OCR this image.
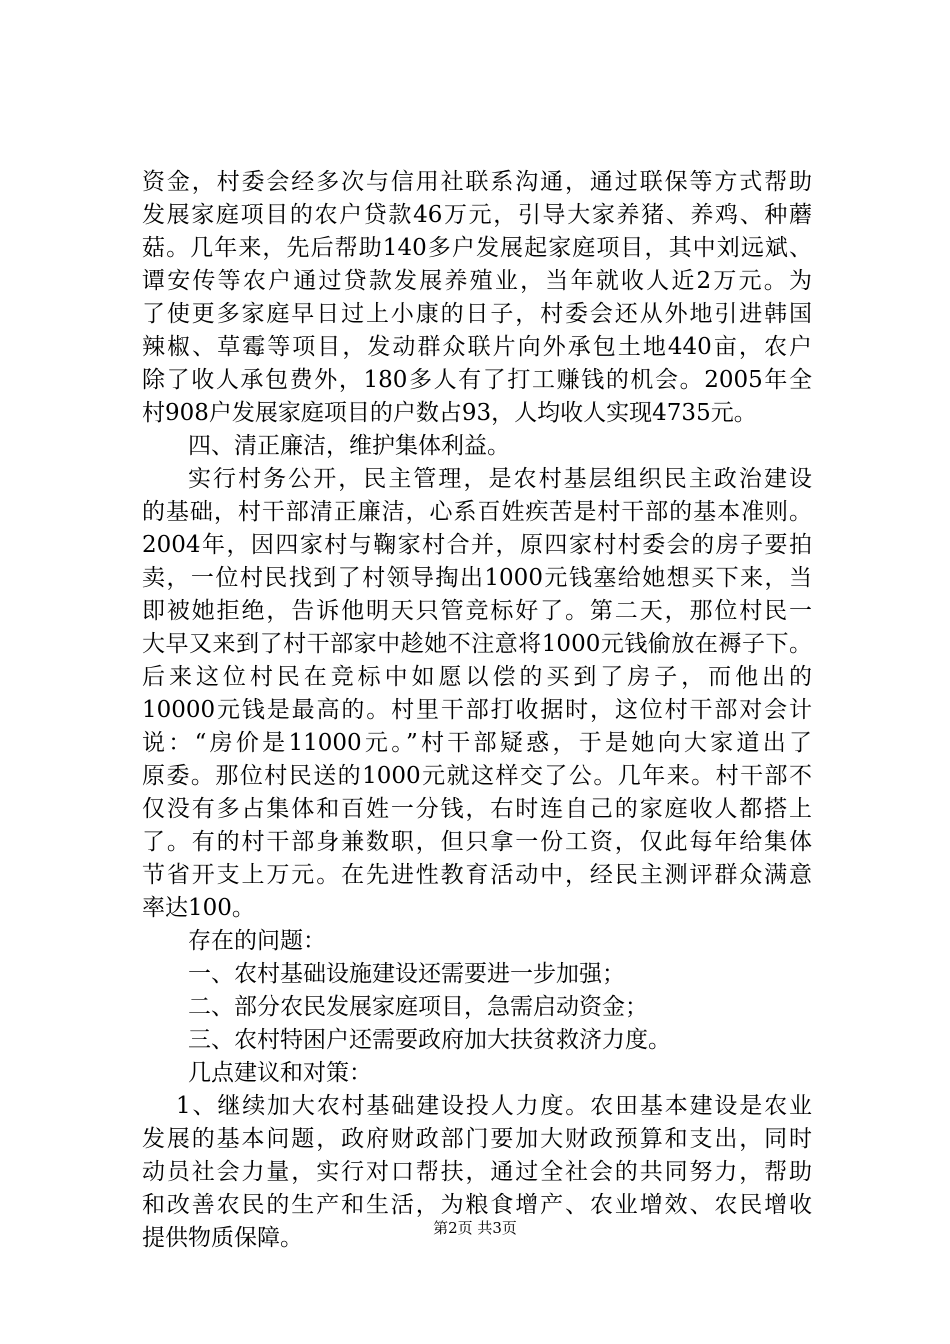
资金，村委会经多次与信用社联系沟通，通过联保等方式帮助
发展家庭项目的农户贷款46万元，引导大家养猪、养鸡、种蘑
菇。几年来，先后帮助140多户发展起家庭项目，其中刘远斌、
谭安传等农户通过贷款发展养殖业，当年就收人近2万元。为
了使更多家庭早日过上小康的日子，村委会还从外地引进韩国
辣椒、草霉等项目，发动群众联片向外承包土地440亩，农户
除了收人承包费外，180多人有了打工赚钱的机会。2005年全
村908户发展家庭项目的户数占93，人均收人实现4735元。
四、清正廉洁，维护集体利益。
实行村务公开，民主管理，是农村基层组织民主政治建设
的基础，村干部清正廉洁，心系百姓疾苦是村干部的基本准则。
2004年，因四家村与鞠家村合并，原四家村村委会的房子要拍
卖，一位村民找到了村领导掏出1000元钱塞给她想买下来，当
即被她拒绝，告诉他明天只管竞标好了。第二天，那位村民一
大早又来到了村干部家中趁她不注意将1000元钱偷放在褥子下。
后来这位村民在竞标中如愿以偿的买到了房子，而他出的
10000元钱是最高的。村里干部打收据时，这位村干部对会计
说：“房价是11000元。”村干部疑惑，于是她向大家道出了
原委。那位村民送的1000元就这样交了公。几年来。村干部不
仅没有多占集体和百姓一分钱，右时连自己的家庭收人都搭上
了。有的村干部身兼数职，但只拿一份工资，仅此每年给集体
节省开支上万元。在先进性教育活动中，经民主测评群众满意
率达100。
存在的问题：
一、农村基础设施建设还需要进一步加强；
二、部分农民发展家庭项目，急需启动资金；
三、农村特困户还需要政府加大扶贫救济力度。
几点建议和对策：
1、继续加大农村基础建设投人力度。农田基本建设是农业
发展的基本问题，政府财政部门要加大财政预算和支出，同时
动员社会力量，实行对口帮扶，通过全社会的共同努力，帮助
和改善农民的生产和生活，为粮食增产、农业增效、农民增收
提供物质保障。	第2页 共3页
